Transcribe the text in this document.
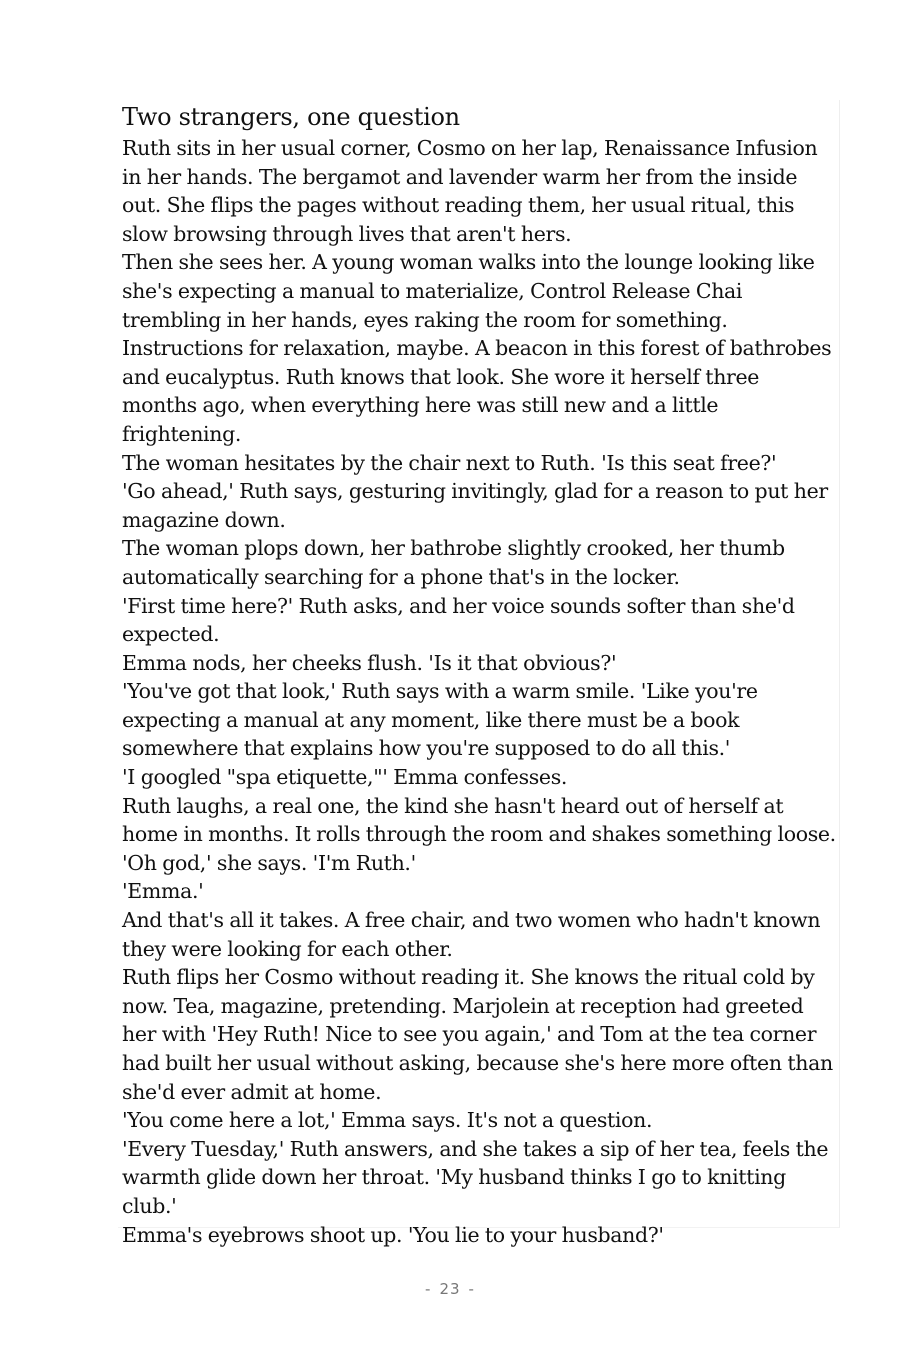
Two strangers, one question

Ruth sits in her usual corner, Cosmo on her lap, Renaissance Infusion in her hands. The bergamot and lavender warm her from the inside out. She flips the pages without reading them, her usual ritual, this slow browsing through lives that aren't hers.

Then she sees her. A young woman walks into the lounge looking like she's expecting a manual to materialize, Control Release Chai trembling in her hands, eyes raking the room for something. Instructions for relaxation, maybe. A beacon in this forest of bathrobes and eucalyptus. Ruth knows that look. She wore it herself three months ago, when everything here was still new and a little frightening.

The woman hesitates by the chair next to Ruth. 'Is this seat free?'

'Go ahead,' Ruth says, gesturing invitingly, glad for a reason to put her magazine down.

The woman plops down, her bathrobe slightly crooked, her thumb automatically searching for a phone that's in the locker.

'First time here?' Ruth asks, and her voice sounds softer than she'd expected.

Emma nods, her cheeks flush. 'Is it that obvious?'

'You've got that look,' Ruth says with a warm smile. 'Like you're expecting a manual at any moment, like there must be a book somewhere that explains how you're supposed to do all this.'

'I googled "spa etiquette,"' Emma confesses.

Ruth laughs, a real one, the kind she hasn't heard out of herself at home in months. It rolls through the room and shakes something loose. 'Oh god,' she says. 'I'm Ruth.'

'Emma.'

And that's all it takes. A free chair, and two women who hadn't known they were looking for each other.

Ruth flips her Cosmo without reading it. She knows the ritual cold by now. Tea, magazine, pretending. Marjolein at reception had greeted her with 'Hey Ruth! Nice to see you again,' and Tom at the tea corner had built her usual without asking, because she's here more often than she'd ever admit at home.

'You come here a lot,' Emma says. It's not a question.

'Every Tuesday,' Ruth answers, and she takes a sip of her tea, feels the warmth glide down her throat. 'My husband thinks I go to knitting club.'

Emma's eyebrows shoot up. 'You lie to your husband?'

- 23 -
